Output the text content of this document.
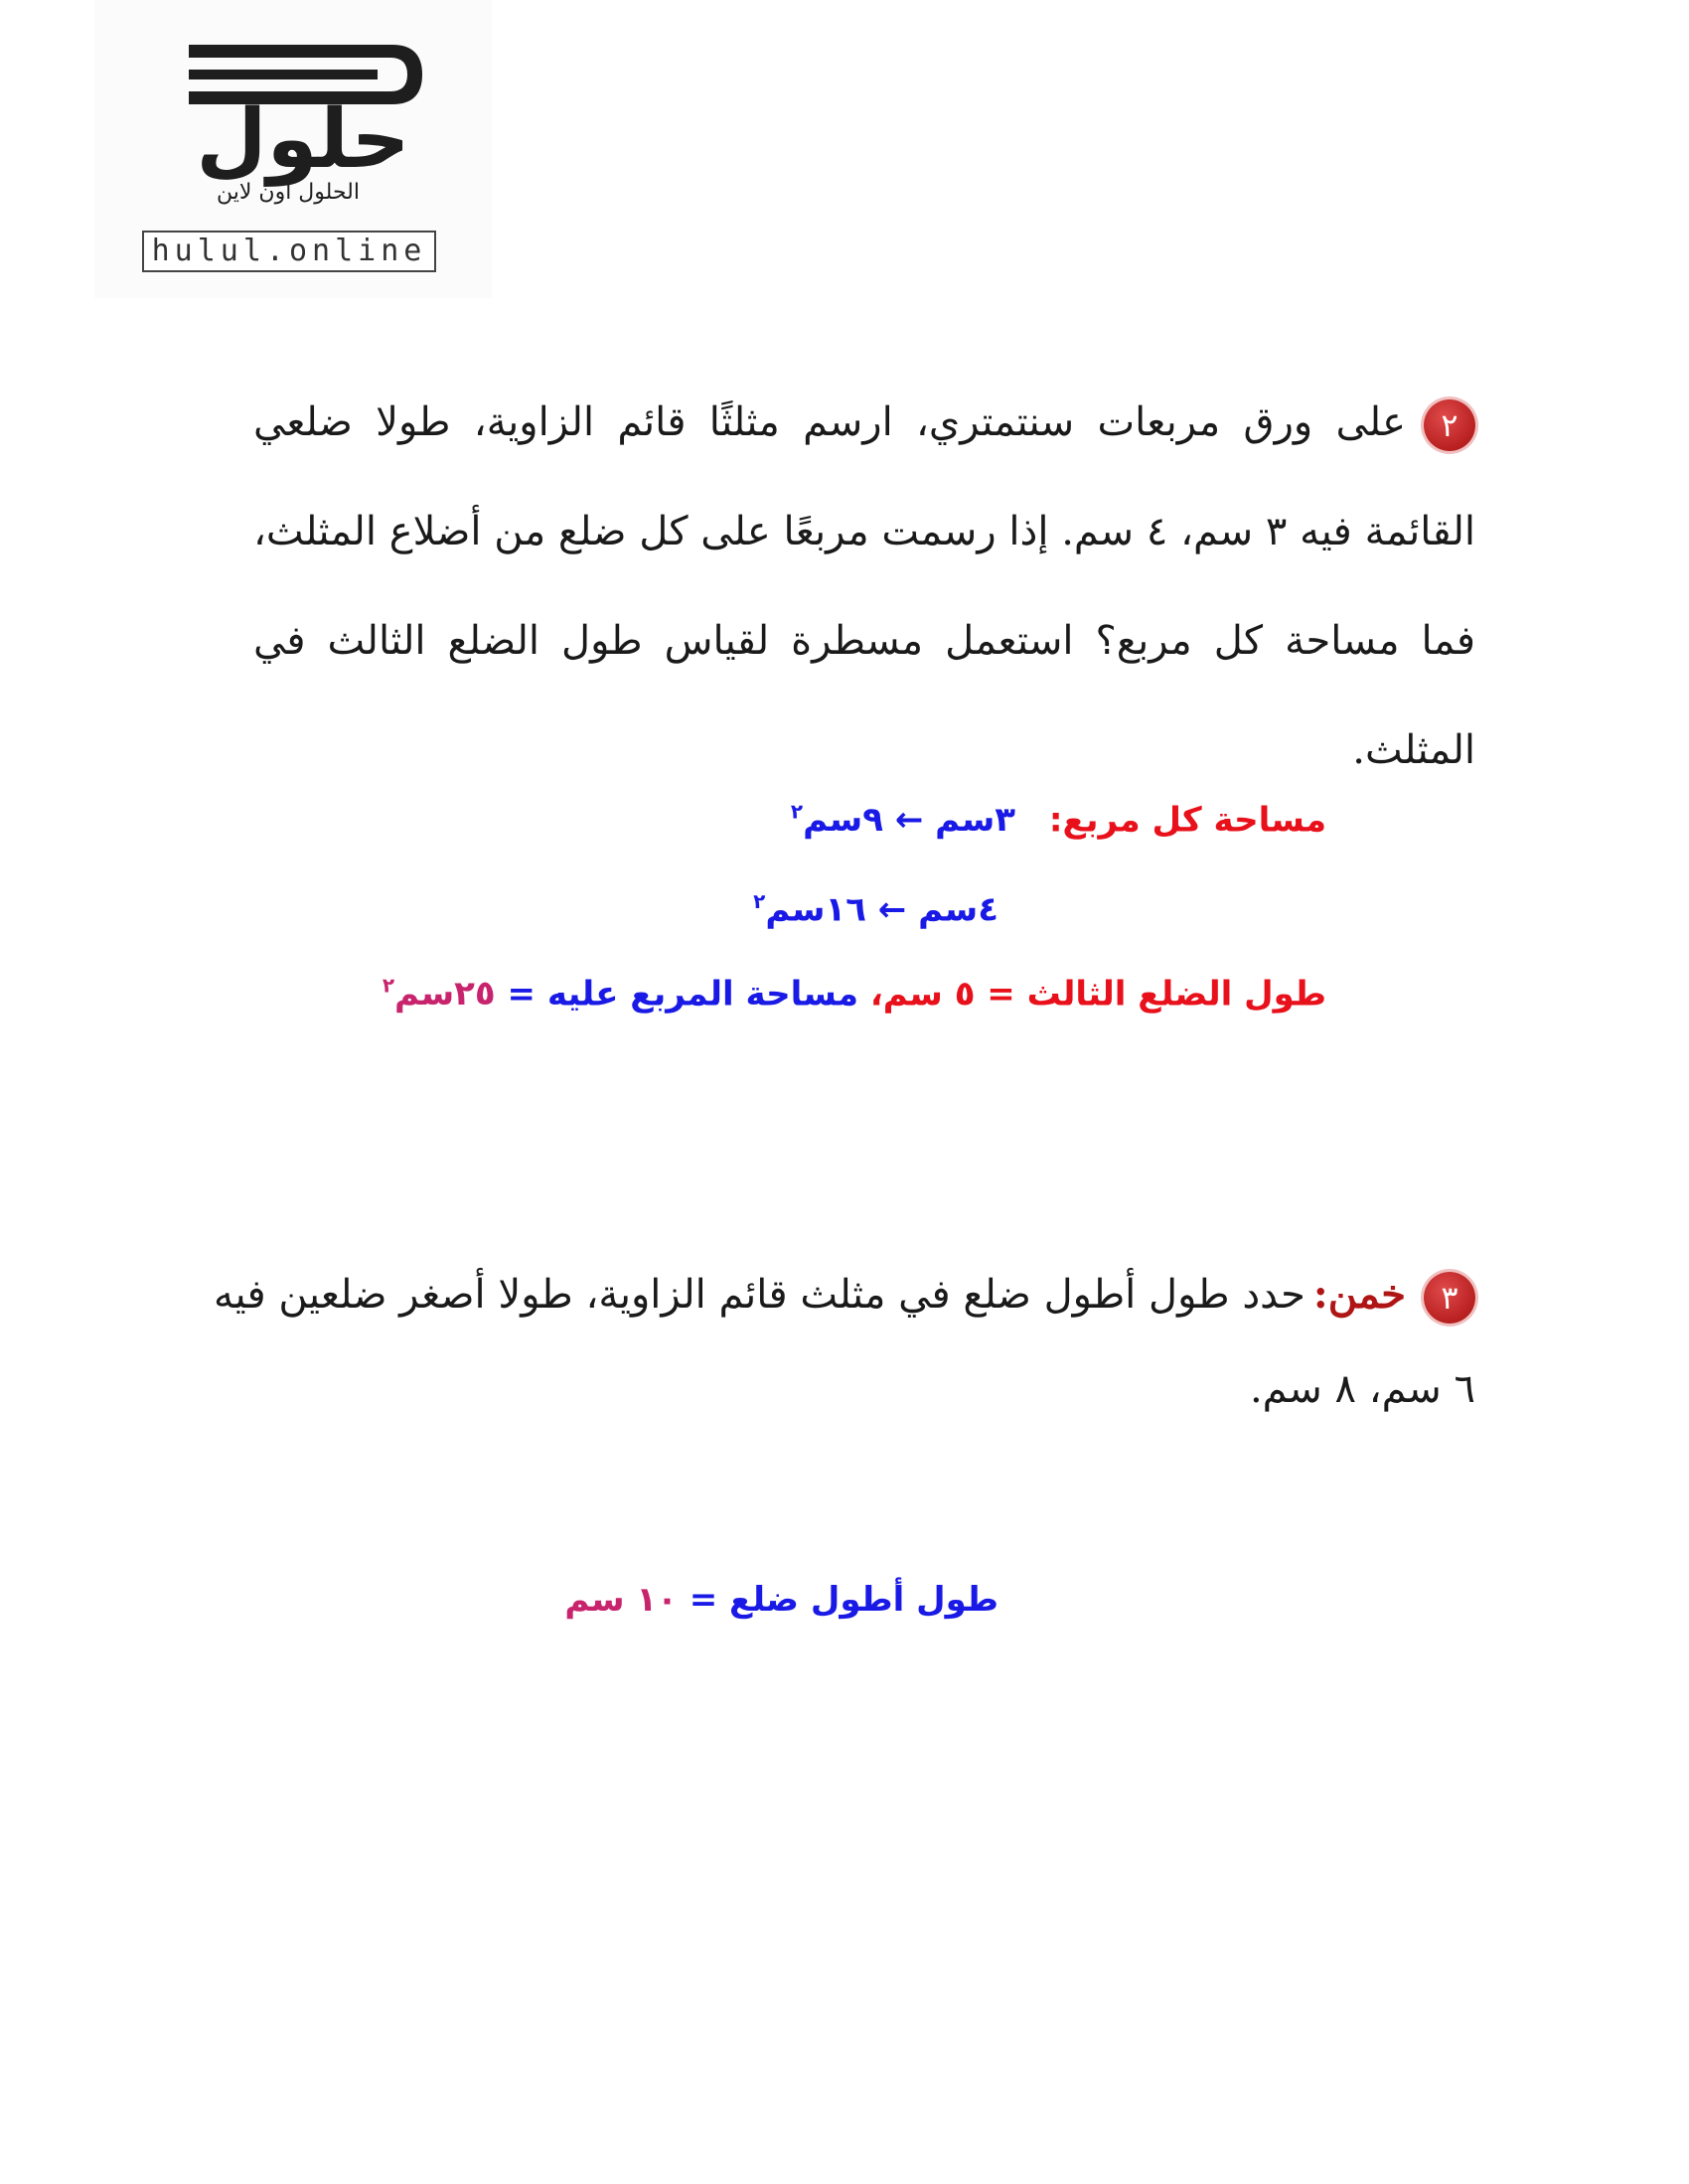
حلول
الحلول اون لاين
hulul.online
٢على ورق مربعات سنتمتري، ارسم مثلثًا قائم الزاوية، طولا ضلعي القائمة فيه ٣ سم، ٤ سم. إذا رسمت مربعًا على كل ضلع من أضلاع المثلث، فما مساحة كل مربع؟ استعمل مسطرة لقياس طول الضلع الثالث في المثلث.
مساحة كل مربع: ٣سم ← ٩سم$^٢$
٤سم ← ١٦سم$^٢$
طول الضلع الثالث = ٥ سم، مساحة المربع عليه = ٢٥سم$^٢$
٣خمن:حدد طول أطول ضلع في مثلث قائم الزاوية، طولا أصغر ضلعين فيه ٦ سم، ٨ سم.
طول أطول ضلع = ١٠ سم
